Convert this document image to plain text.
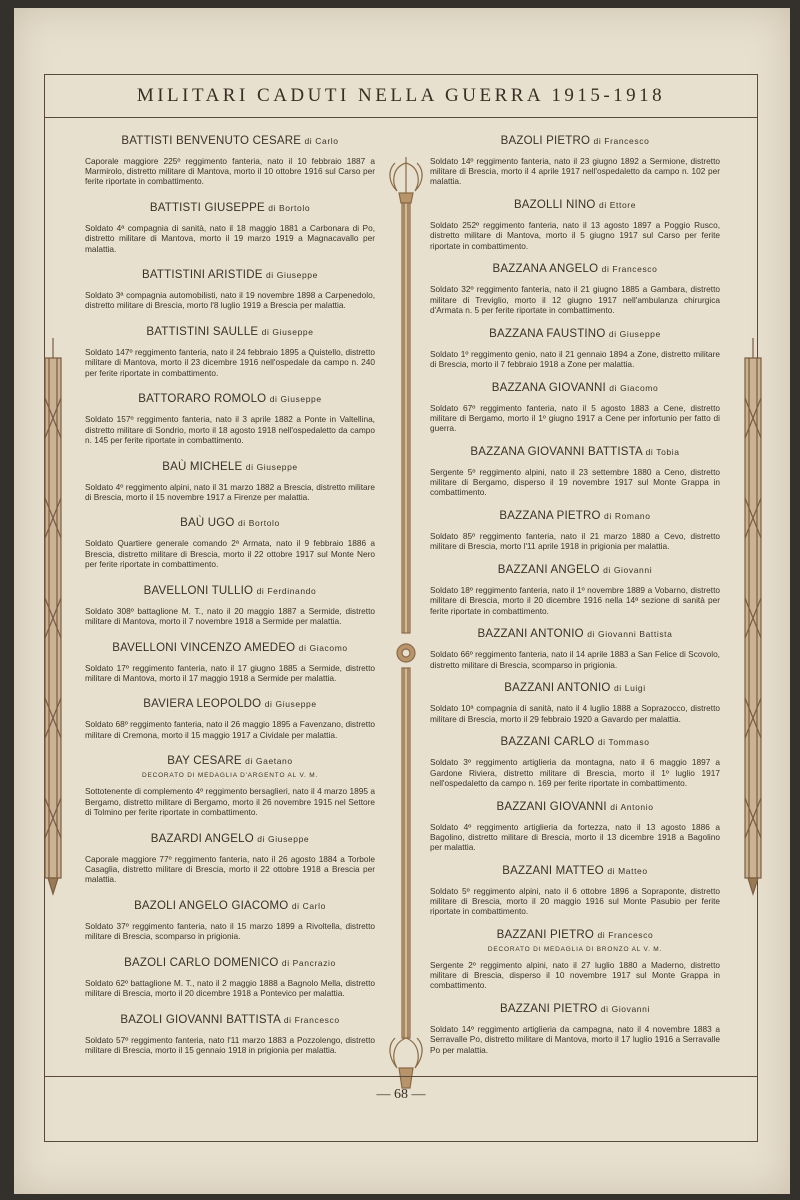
MILITARI CADUTI NELLA GUERRA 1915-1918
BATTISTI BENVENUTO CESARE di Carlo
Caporale maggiore 225º reggimento fanteria, nato il 10 febbraio 1887 a Marmirolo, distretto militare di Mantova, morto il 10 ottobre 1916 sul Carso per ferite riportate in combattimento.
BATTISTI GIUSEPPE di Bortolo
Soldato 4ª compagnia di sanità, nato il 18 maggio 1881 a Carbonara di Po, distretto militare di Mantova, morto il 19 marzo 1919 a Magnacavallo per malattia.
BATTISTINI ARISTIDE di Giuseppe
Soldato 3ª compagnia automobilisti, nato il 19 novembre 1898 a Carpenedolo, distretto militare di Brescia, morto l'8 luglio 1919 a Brescia per malattia.
BATTISTINI SAULLE di Giuseppe
Soldato 147º reggimento fanteria, nato il 24 febbraio 1895 a Quistello, distretto militare di Mantova, morto il 23 dicembre 1916 nell'ospedale da campo n. 240 per ferite riportate in combattimento.
BATTORARO ROMOLO di Giuseppe
Soldato 157º reggimento fanteria, nato il 3 aprile 1882 a Ponte in Valtellina, distretto militare di Sondrio, morto il 18 agosto 1918 nell'ospedaletto da campo n. 145 per ferite riportate in combattimento.
BAÙ MICHELE di Giuseppe
Soldato 4º reggimento alpini, nato il 31 marzo 1882 a Brescia, distretto militare di Brescia, morto il 15 novembre 1917 a Firenze per malattia.
BAÙ UGO di Bortolo
Soldato Quartiere generale comando 2ª Armata, nato il 9 febbraio 1886 a Brescia, distretto militare di Brescia, morto il 22 ottobre 1917 sul Monte Nero per ferite riportate in combattimento.
BAVELLONI TULLIO di Ferdinando
Soldato 308º battaglione M. T., nato il 20 maggio 1887 a Sermide, distretto militare di Mantova, morto il 7 novembre 1918 a Sermide per malattia.
BAVELLONI VINCENZO AMEDEO di Giacomo
Soldato 17º reggimento fanteria, nato il 17 giugno 1885 a Sermide, distretto militare di Mantova, morto il 17 maggio 1918 a Sermide per malattia.
BAVIERA LEOPOLDO di Giuseppe
Soldato 68º reggimento fanteria, nato il 26 maggio 1895 a Favenzano, distretto militare di Cremona, morto il 15 maggio 1917 a Cividale per malattia.
BAY CESARE di Gaetano
DECORATO DI MEDAGLIA D'ARGENTO AL V. M.
Sottotenente di complemento 4º reggimento bersaglieri, nato il 4 marzo 1895 a Bergamo, distretto militare di Bergamo, morto il 26 novembre 1915 nel Settore di Tolmino per ferite riportate in combattimento.
BAZARDI ANGELO di Giuseppe
Caporale maggiore 77º reggimento fanteria, nato il 26 agosto 1884 a Torbole Casaglia, distretto militare di Brescia, morto il 22 ottobre 1918 a Brescia per malattia.
BAZOLI ANGELO GIACOMO di Carlo
Soldato 37º reggimento fanteria, nato il 15 marzo 1899 a Rivoltella, distretto militare di Brescia, scomparso in prigionia.
BAZOLI CARLO DOMENICO di Pancrazio
Soldato 62º battaglione M. T., nato il 2 maggio 1888 a Bagnolo Mella, distretto militare di Brescia, morto il 20 dicembre 1918 a Pontevico per malattia.
BAZOLI GIOVANNI BATTISTA di Francesco
Soldato 57º reggimento fanteria, nato l'11 marzo 1883 a Pozzolengo, distretto militare di Brescia, morto il 15 gennaio 1918 in prigionia per malattia.
BAZOLI PIETRO di Francesco
Soldato 14º reggimento fanteria, nato il 23 giugno 1892 a Sermione, distretto militare di Brescia, morto il 4 aprile 1917 nell'ospedaletto da campo n. 102 per malattia.
BAZOLLI NINO di Ettore
Soldato 252º reggimento fanteria, nato il 13 agosto 1897 a Poggio Rusco, distretto militare di Mantova, morto il 5 giugno 1917 sul Carso per ferite riportate in combattimento.
BAZZANA ANGELO di Francesco
Soldato 32º reggimento fanteria, nato il 21 giugno 1885 a Gambara, distretto militare di Treviglio, morto il 12 giugno 1917 nell'ambulanza chirurgica d'Armata n. 5 per ferite riportate in combattimento.
BAZZANA FAUSTINO di Giuseppe
Soldato 1º reggimento genio, nato il 21 gennaio 1894 a Zone, distretto militare di Brescia, morto il 7 febbraio 1918 a Zone per malattia.
BAZZANA GIOVANNI di Giacomo
Soldato 67º reggimento fanteria, nato il 5 agosto 1883 a Cene, distretto militare di Bergamo, morto il 1º giugno 1917 a Cene per infortunio per fatto di guerra.
BAZZANA GIOVANNI BATTISTA di Tobia
Sergente 5º reggimento alpini, nato il 23 settembre 1880 a Ceno, distretto militare di Bergamo, disperso il 19 novembre 1917 sul Monte Grappa in combattimento.
BAZZANA PIETRO di Romano
Soldato 85º reggimento fanteria, nato il 21 marzo 1880 a Cevo, distretto militare di Brescia, morto l'11 aprile 1918 in prigionia per malattia.
BAZZANI ANGELO di Giovanni
Soldato 18º reggimento fanteria, nato il 1º novembre 1889 a Vobarno, distretto militare di Brescia, morto il 20 dicembre 1916 nella 14ª sezione di sanità per ferite riportate in combattimento.
BAZZANI ANTONIO di Giovanni Battista
Soldato 66º reggimento fanteria, nato il 14 aprile 1883 a San Felice di Scovolo, distretto militare di Brescia, scomparso in prigionia.
BAZZANI ANTONIO di Luigi
Soldato 10ª compagnia di sanità, nato il 4 luglio 1888 a Soprazocco, distretto militare di Brescia, morto il 29 febbraio 1920 a Gavardo per malattia.
BAZZANI CARLO di Tommaso
Soldato 3º reggimento artiglieria da montagna, nato il 6 maggio 1897 a Gardone Riviera, distretto militare di Brescia, morto il 1º luglio 1917 nell'ospedaletto da campo n. 169 per ferite riportate in combattimento.
BAZZANI GIOVANNI di Antonio
Soldato 4º reggimento artiglieria da fortezza, nato il 13 agosto 1886 a Bagolino, distretto militare di Brescia, morto il 13 dicembre 1918 a Bagolino per malattia.
BAZZANI MATTEO di Matteo
Soldato 5º reggimento alpini, nato il 6 ottobre 1896 a Sopraponte, distretto militare di Brescia, morto il 20 maggio 1916 sul Monte Pasubio per ferite riportate in combattimento.
BAZZANI PIETRO di Francesco
DECORATO DI MEDAGLIA DI BRONZO AL V. M.
Sergente 2º reggimento alpini, nato il 27 luglio 1880 a Maderno, distretto militare di Brescia, disperso il 10 novembre 1917 sul Monte Grappa in combattimento.
BAZZANI PIETRO di Giovanni
Soldato 14º reggimento artiglieria da campagna, nato il 4 novembre 1883 a Serravalle Po, distretto militare di Mantova, morto il 17 luglio 1916 a Serravalle Po per malattia.
— 68 —
